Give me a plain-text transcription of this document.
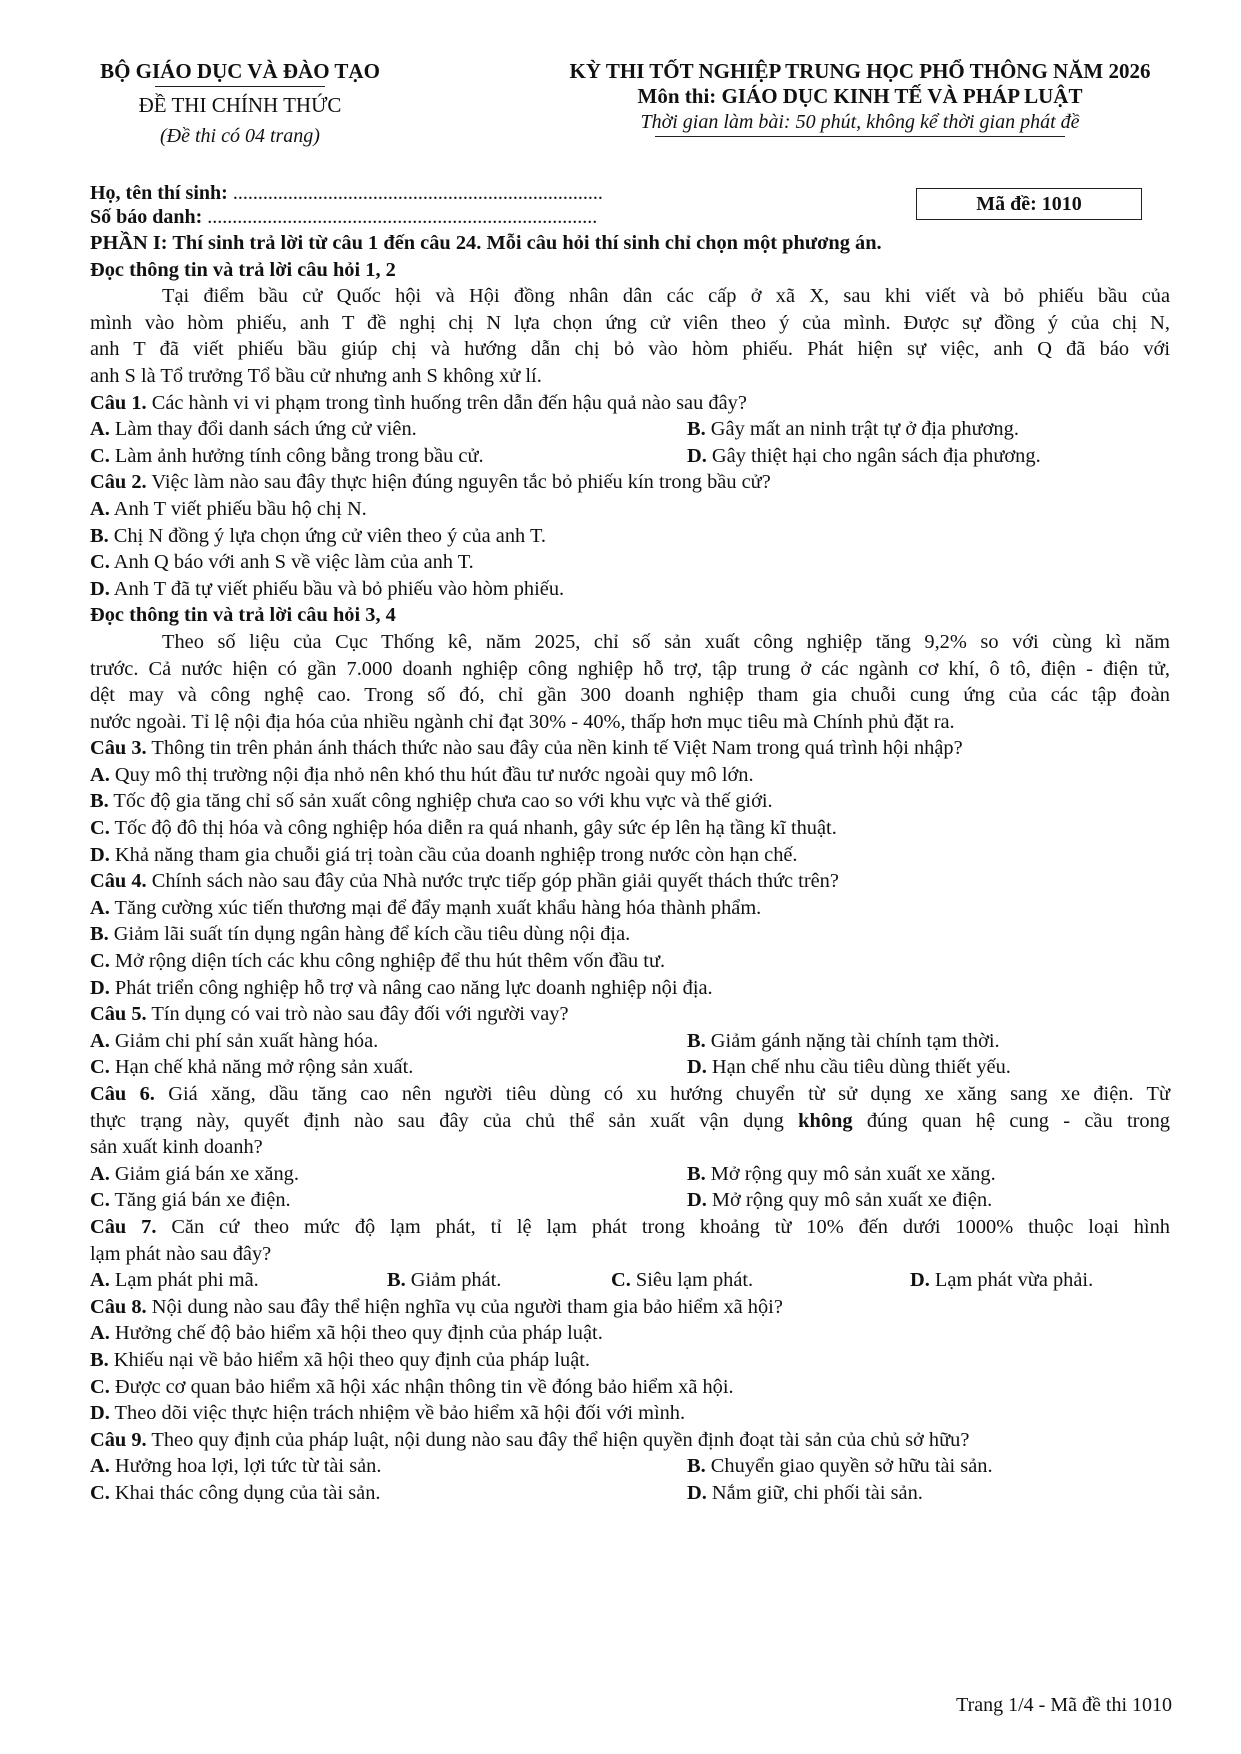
BỘ GIÁO DỤC VÀ ĐÀO TẠO
ĐỀ THI CHÍNH THỨC
(Đề thi có 04 trang)
KỲ THI TỐT NGHIỆP TRUNG HỌC PHỔ THÔNG NĂM 2026
Môn thi: GIÁO DỤC KINH TẾ VÀ PHÁP LUẬT
Thời gian làm bài: 50 phút, không kể thời gian phát đề
Họ, tên thí sinh: ..........................................................................
Số báo danh: ..............................................................................
Mã đề: 1010
PHẦN I: Thí sinh trả lời từ câu 1 đến câu 24. Mỗi câu hỏi thí sinh chỉ chọn một phương án.
Đọc thông tin và trả lời câu hỏi 1, 2
Tại điểm bầu cử Quốc hội và Hội đồng nhân dân các cấp ở xã X, sau khi viết và bỏ phiếu bầu của
mình vào hòm phiếu, anh T đề nghị chị N lựa chọn ứng cử viên theo ý của mình. Được sự đồng ý của chị N,
anh T đã viết phiếu bầu giúp chị và hướng dẫn chị bỏ vào hòm phiếu. Phát hiện sự việc, anh Q đã báo với
anh S là Tổ trưởng Tổ bầu cử nhưng anh S không xử lí.
Câu 1. Các hành vi vi phạm trong tình huống trên dẫn đến hậu quả nào sau đây?
A. Làm thay đổi danh sách ứng cử viên.	B. Gây mất an ninh trật tự ở địa phương.
C. Làm ảnh hưởng tính công bằng trong bầu cử.	D. Gây thiệt hại cho ngân sách địa phương.
Câu 2. Việc làm nào sau đây thực hiện đúng nguyên tắc bỏ phiếu kín trong bầu cử?
A. Anh T viết phiếu bầu hộ chị N.
B. Chị N đồng ý lựa chọn ứng cử viên theo ý của anh T.
C. Anh Q báo với anh S về việc làm của anh T.
D. Anh T đã tự viết phiếu bầu và bỏ phiếu vào hòm phiếu.
Đọc thông tin và trả lời câu hỏi 3, 4
Theo số liệu của Cục Thống kê, năm 2025, chỉ số sản xuất công nghiệp tăng 9,2% so với cùng kì năm
trước. Cả nước hiện có gần 7.000 doanh nghiệp công nghiệp hỗ trợ, tập trung ở các ngành cơ khí, ô tô, điện - điện tử,
dệt may và công nghệ cao. Trong số đó, chỉ gần 300 doanh nghiệp tham gia chuỗi cung ứng của các tập đoàn
nước ngoài. Tỉ lệ nội địa hóa của nhiều ngành chỉ đạt 30% - 40%, thấp hơn mục tiêu mà Chính phủ đặt ra.
Câu 3. Thông tin trên phản ánh thách thức nào sau đây của nền kinh tế Việt Nam trong quá trình hội nhập?
A. Quy mô thị trường nội địa nhỏ nên khó thu hút đầu tư nước ngoài quy mô lớn.
B. Tốc độ gia tăng chỉ số sản xuất công nghiệp chưa cao so với khu vực và thế giới.
C. Tốc độ đô thị hóa và công nghiệp hóa diễn ra quá nhanh, gây sức ép lên hạ tầng kĩ thuật.
D. Khả năng tham gia chuỗi giá trị toàn cầu của doanh nghiệp trong nước còn hạn chế.
Câu 4. Chính sách nào sau đây của Nhà nước trực tiếp góp phần giải quyết thách thức trên?
A. Tăng cường xúc tiến thương mại để đẩy mạnh xuất khẩu hàng hóa thành phẩm.
B. Giảm lãi suất tín dụng ngân hàng để kích cầu tiêu dùng nội địa.
C. Mở rộng diện tích các khu công nghiệp để thu hút thêm vốn đầu tư.
D. Phát triển công nghiệp hỗ trợ và nâng cao năng lực doanh nghiệp nội địa.
Câu 5. Tín dụng có vai trò nào sau đây đối với người vay?
A. Giảm chi phí sản xuất hàng hóa.	B. Giảm gánh nặng tài chính tạm thời.
C. Hạn chế khả năng mở rộng sản xuất.	D. Hạn chế nhu cầu tiêu dùng thiết yếu.
Câu 6. Giá xăng, dầu tăng cao nên người tiêu dùng có xu hướng chuyển từ sử dụng xe xăng sang xe điện. Từ
thực trạng này, quyết định nào sau đây của chủ thể sản xuất vận dụng không đúng quan hệ cung - cầu trong
sản xuất kinh doanh?
A. Giảm giá bán xe xăng.	B. Mở rộng quy mô sản xuất xe xăng.
C. Tăng giá bán xe điện.	D. Mở rộng quy mô sản xuất xe điện.
Câu 7. Căn cứ theo mức độ lạm phát, tỉ lệ lạm phát trong khoảng từ 10% đến dưới 1000% thuộc loại hình
lạm phát nào sau đây?
A. Lạm phát phi mã.	B. Giảm phát.	C. Siêu lạm phát.	D. Lạm phát vừa phải.
Câu 8. Nội dung nào sau đây thể hiện nghĩa vụ của người tham gia bảo hiểm xã hội?
A. Hưởng chế độ bảo hiểm xã hội theo quy định của pháp luật.
B. Khiếu nại về bảo hiểm xã hội theo quy định của pháp luật.
C. Được cơ quan bảo hiểm xã hội xác nhận thông tin về đóng bảo hiểm xã hội.
D. Theo dõi việc thực hiện trách nhiệm về bảo hiểm xã hội đối với mình.
Câu 9. Theo quy định của pháp luật, nội dung nào sau đây thể hiện quyền định đoạt tài sản của chủ sở hữu?
A. Hưởng hoa lợi, lợi tức từ tài sản.	B. Chuyển giao quyền sở hữu tài sản.
C. Khai thác công dụng của tài sản.	D. Nắm giữ, chi phối tài sản.
Trang 1/4 - Mã đề thi 1010
